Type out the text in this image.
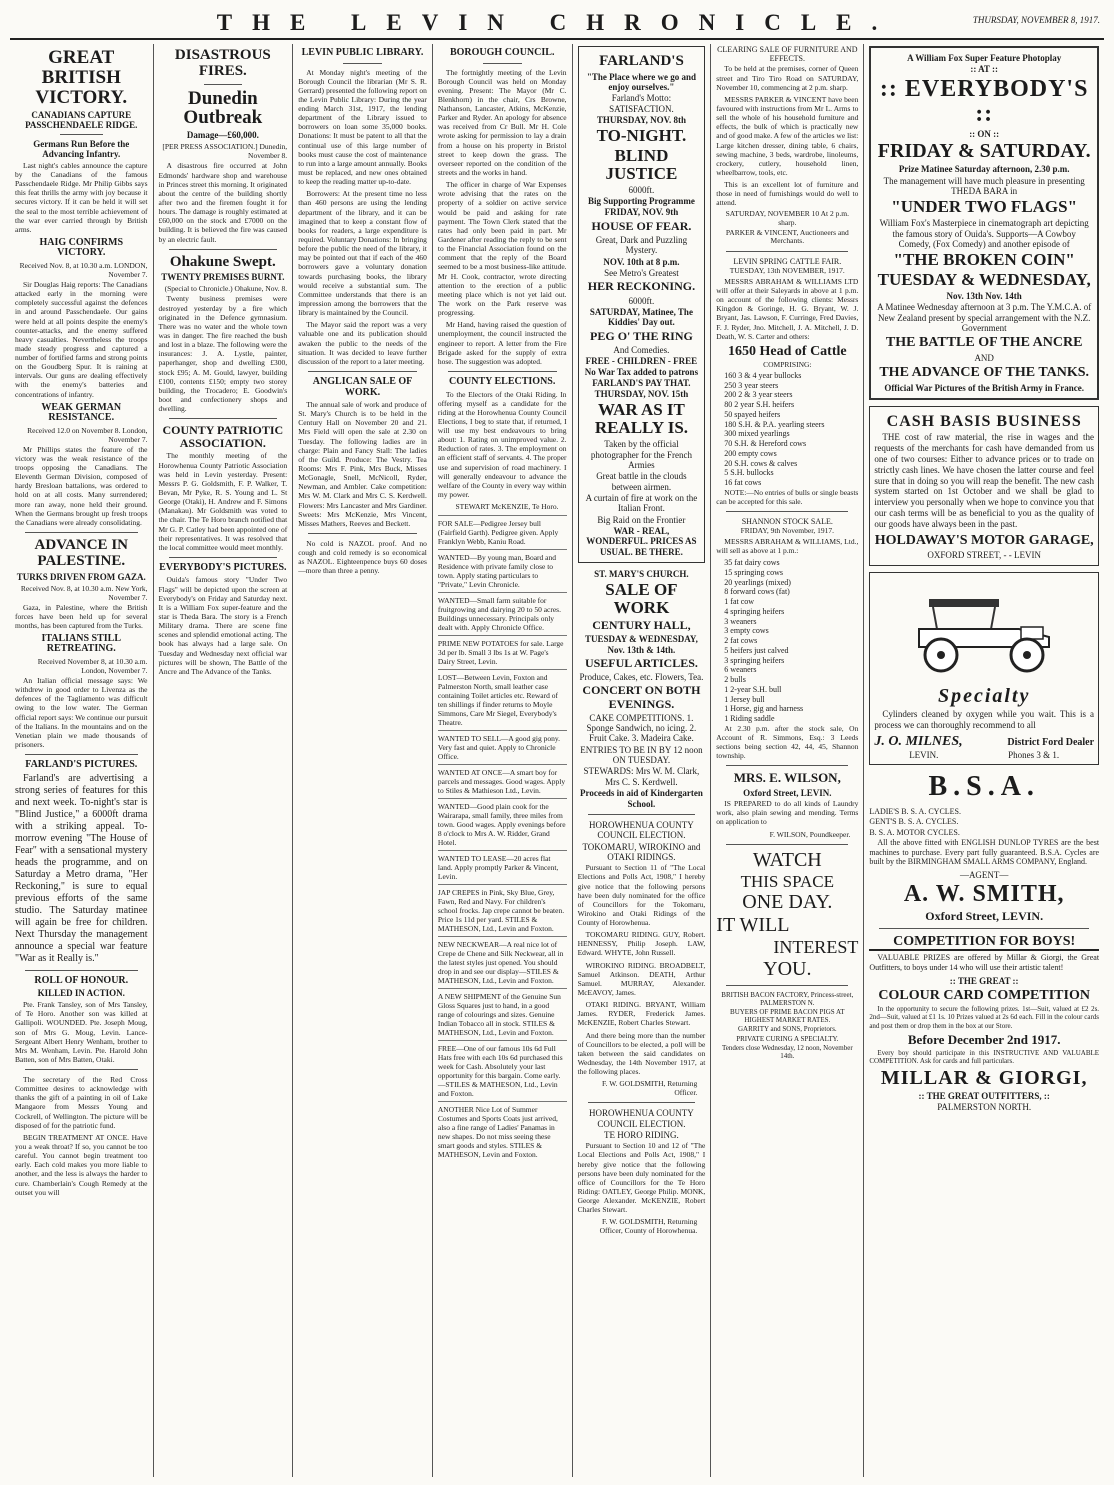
THE LEVIN CHRONICLE.	THURSDAY, NOVEMBER 8, 1917.
GREAT BRITISH VICTORY.
CANADIANS CAPTURE PASSCHENDAELE RIDGE.
Germans Run Before the Advancing Infantry.

Last night's cables announce the capture by the Canadians of the famous Passchendaele Ridge. Mr Philip Gibbs says this feat thrills the army with joy because it secures victory. If it can be held it will set the seal to the most terrible achievement of the war ever carried through by British arms.

HAIG CONFIRMS VICTORY.
Received Nov. 8, at 10.30 a.m. LONDON, November 7.

Sir Douglas Haig reports: The Canadians attacked early in the morning were completely successful against the defences in and around Passchendaele. Our gains were held at all points despite the enemy's counter-attacks, and the enemy suffered heavy casualties. Nevertheless the troops made steady progress and captured a number of fortified farms and strong points on the Goudberg Spur. It is raining at intervals. Our guns are dealing effectively with the enemy's batteries and concentrations of infantry.

WEAK GERMAN RESISTANCE.
Received 12.0 on November 8. London, November 7.

Mr Phillips states the feature of the victory was the weak resistance of the troops opposing the Canadians. The Eleventh German Division, composed of hardy Bresloan battalions, was ordered to hold on at all costs. Many surrendered; more ran away, none held their ground. When the Germans brought up fresh troops the Canadians were already consolidating.

ADVANCE IN PALESTINE.
TURKS DRIVEN FROM GAZA.
Received Nov. 8, at 10.30 a.m. New York, November 7.

Gaza, in Palestine, where the British forces have been held up for several months, has been captured from the Turks.

ITALIANS STILL RETREATING.
Received November 8, at 10.30 a.m. London, November 7.

An Italian official message says: We withdrew in good order to Livenza as the defences of the Tagliamento was difficult owing to the low water. The German official report says: We continue our pursuit of the Italians. In the mountains and on the Venetian plain we made thousands of prisoners.

FARLAND'S PICTURES.

Farland's are advertising a strong series of features for this and next week. To-night's star is "Blind Justice," a 6000ft drama with a striking appeal. To-morrow evening "The House of Fear" with a sensational mystery heads the programme, and on Saturday a Metro drama, "Her Reckoning," is sure to equal previous efforts of the same studio. The Saturday matinee will again be free for children. Next Thursday the management announce a special war feature "War as it Really is."

ROLL OF HONOUR.
KILLED IN ACTION.

Pte. Frank Tansley, son of Mrs Tansley, of Te Horo. Another son was killed at Gallipoli. WOUNDED. Pte. Joseph Moug, son of Mrs G. Moug, Levin. Lance-Sergeant Albert Henry Wenham, brother to Mrs M. Wenham, Levin. Pte. Harold John Batten, son of Mrs Batten, Otaki.

The secretary of the Red Cross Committee desires to acknowledge with thanks the gift of a painting in oil of Lake Mangaore from Messrs Young and Cockrell, of Wellington. The picture will be disposed of for the patriotic fund.

BEGIN TREATMENT AT ONCE. Have you a weak throat? If so, you cannot be too careful. You cannot begin treatment too early. Each cold makes you more liable to another, and the less is always the harder to cure. Chamberlain's Cough Remedy at the outset you will

DISASTROUS FIRES.
Dunedin Outbreak
Damage—£60,000.
[PER PRESS ASSOCIATION.] Dunedin, November 8.

A disastrous fire occurred at John Edmonds' hardware shop and warehouse in Princes street this morning. It originated about the centre of the building shortly after two and the firemen fought it for hours. The damage is roughly estimated at £60,000 on the stock and £7000 on the building. It is believed the fire was caused by an electric fault.

Ohakune Swept.
TWENTY PREMISES BURNT.
(Special to Chronicle.) Ohakune, Nov. 8.

Twenty business premises were destroyed yesterday by a fire which originated in the Defence gymnasium. There was no water and the whole town was in danger. The fire reached the bush and lost in a blaze. The following were the insurances: J. A. Lystle, painter, paperhanger, shop and dwelling £300, stock £95; A. M. Gould, lawyer, building £100, contents £150; empty two storey building, the Trocadero; E. Goodwin's boot and confectionery shops and dwelling.

COUNTY PATRIOTIC ASSOCIATION.

The monthly meeting of the Horowhenua County Patriotic Association was held in Levin yesterday. Present: Messrs P. G. Goldsmith, F. P. Walker, T. Bevan, Mr Pyke, R. S. Young and L. St George (Otaki), H. Andrew and F. Simons (Manakau). Mr Goldsmith was voted to the chair. The Te Horo branch notified that Mr G. P. Catley had been appointed one of their representatives. It was resolved that the local committee would meet monthly.

EVERYBODY'S PICTURES.

Ouida's famous story "Under Two Flags" will be depicted upon the screen at Everybody's on Friday and Saturday next. It is a William Fox super-feature and the star is Theda Bara. The story is a French Military drama. There are scene fine scenes and splendid emotional acting. The book has always had a large sale. On Tuesday and Wednesday next official war pictures will be shown, The Battle of the Ancre and The Advance of the Tanks.

LEVIN PUBLIC LIBRARY.

At Monday night's meeting of the Borough Council the librarian (Mr S. R. Gerrard) presented the following report on the Levin Public Library: During the year ending March 31st, 1917, the lending department of the Library issued to borrowers on loan some 35,000 books. Donations: It must be patent to all that the continual use of this large number of books must cause the cost of maintenance to run into a large amount annually. Books must be replaced, and new ones obtained to keep the reading matter up-to-date.

Borrowers: At the present time no less than 460 persons are using the lending department of the library, and it can be imagined that to keep a constant flow of books for readers, a large expenditure is required. Voluntary Donations: In bringing before the public the need of the library, it may be pointed out that if each of the 460 borrowers gave a voluntary donation towards purchasing books, the library would receive a substantial sum. The Committee understands that there is an impression among the borrowers that the library is maintained by the Council.

The Mayor said the report was a very valuable one and its publication should awaken the public to the needs of the situation. It was decided to leave further discussion of the report to a later meeting.

ANGLICAN SALE OF WORK.

The annual sale of work and produce of St. Mary's Church is to be held in the Century Hall on November 20 and 21. Mrs Field will open the sale at 2.30 on Tuesday. The following ladies are in charge: Plain and Fancy Stall: The ladies of the Guild. Produce: The Vestry. Tea Rooms: Mrs F. Pink, Mrs Buck, Misses McGonagle, Snell, McNicoll, Ryder, Newman, and Ambler. Cake competition: Mrs W. M. Clark and Mrs C. S. Kerdwell. Flowers: Mrs Lancaster and Mrs Gardiner. Sweets: Mrs McKenzie, Mrs Vincent, Misses Mathers, Reeves and Beckett.

No cold is NAZOL proof. And no cough and cold remedy is so economical as NAZOL. Eighteenpence buys 60 doses—more than three a penny.

BOROUGH COUNCIL.

The fortnightly meeting of the Levin Borough Council was held on Monday evening. Present: The Mayor (Mr C. Blenkhorn) in the chair, Crs Browne, Nathanson, Lancaster, Atkins, McKenzie, Parker and Ryder. An apology for absence was received from Cr Bull. Mr H. Cole wrote asking for permission to lay a drain from a house on his property in Bristol street to keep down the grass. The overseer reported on the condition of the streets and the works in hand.

The officer in charge of War Expenses wrote advising that the rates on the property of a soldier on active service would be paid and asking for rate payment. The Town Clerk stated that the rates had only been paid in part. Mr Gardener after reading the reply to be sent to the Financial Association found on the comment that the reply of the Board seemed to be a most business-like attitude. Mr H. Cook, contractor, wrote directing attention to the erection of a public meeting place which is not yet laid out. The work on the Park reserve was progressing.

Mr Hand, having raised the question of unemployment, the council instructed the engineer to report. A letter from the Fire Brigade asked for the supply of extra hose. The suggestion was adopted.

COUNTY ELECTIONS.

To the Electors of the Otaki Riding. In offering myself as a candidate for the riding at the Horowhenua County Council Elections, I beg to state that, if returned, I will use my best endeavours to bring about: 1. Rating on unimproved value. 2. Reduction of rates. 3. The employment on an efficient staff of servants. 4. The proper use and supervision of road machinery. I will generally endeavour to advance the welfare of the County in every way within my power.

STEWART McKENZIE, Te Horo.
FOR SALE—Pedigree Jersey bull (Fairfield Garth). Pedigree given. Apply Franklyn Webb, Kaniu Road.
WANTED—By young man, Board and Residence with private family close to town. Apply stating particulars to "Private," Levin Chronicle.
WANTED—Small farm suitable for fruitgrowing and dairying 20 to 50 acres. Buildings unnecessary. Principals only dealt with. Apply Chronicle Office.
PRIME NEW POTATOES for sale. Large 3d per lb. Small 3 lbs 1s at W. Page's Dairy Street, Levin.
LOST—Between Levin, Foxton and Palmerston North, small leather case containing Toilet articles etc. Reward of ten shillings if finder returns to Moyle Simmons, Care Mr Siegel, Everybody's Theatre.
WANTED TO SELL—A good gig pony. Very fast and quiet. Apply to Chronicle Office.
WANTED AT ONCE—A smart boy for parcels and messages. Good wages. Apply to Stiles & Mathieson Ltd., Levin.
WANTED—Good plain cook for the Wairarapa, small family, three miles from town. Good wages. Apply evenings before 8 o'clock to Mrs A. W. Ridder, Grand Hotel.
WANTED TO LEASE—20 acres flat land. Apply promptly Parker & Vincent, Levin.
JAP CREPES in Pink, Sky Blue, Grey, Fawn, Red and Navy. For children's school frocks. Jap crepe cannot be beaten. Price 1s 11d per yard. STILES & MATHESON, Ltd., Levin and Foxton.
NEW NECKWEAR—A real nice lot of Crepe de Chene and Silk Neckwear, all in the latest styles just opened. You should drop in and see our display—STILES & MATHESON, Ltd., Levin and Foxton.
A NEW SHIPMENT of the Genuine Sun Gloss Squares just to hand, in a good range of colourings and sizes. Genuine Indian Tobacco all in stock. STILES & MATHESON, Ltd., Levin and Foxton.
FREE—One of our famous 10s 6d Full Hats free with each 10s 6d purchased this week for Cash. Absolutely your last opportunity for this bargain. Come early.—STILES & MATHESON, Ltd., Levin and Foxton.
ANOTHER Nice Lot of Summer Costumes and Sports Coats just arrived, also a fine range of Ladies' Panamas in new shapes. Do not miss seeing these smart goods and styles. STILES & MATHESON, Levin and Foxton.
FARLAND'S
"The Place where we go and enjoy ourselves."
Farland's Motto: SATISFACTION.
THURSDAY, NOV. 8th
TO-NIGHT.
BLIND JUSTICE
6000ft.
Big Supporting Programme
FRIDAY, NOV. 9th
HOUSE OF FEAR.
Great, Dark and Puzzling Mystery.
NOV. 10th at 8 p.m.
See Metro's Greatest
HER RECKONING.
6000ft.
SATURDAY, Matinee, The Kiddies' Day out.
PEG O' THE RING
And Comedies.
FREE - CHILDREN - FREE
No War Tax added to patrons FARLAND'S PAY THAT.
THURSDAY, NOV. 15th
WAR AS IT REALLY IS.
Taken by the official photographer for the French Armies
Great battle in the clouds between airmen.
A curtain of fire at work on the Italian Front.
Big Raid on the Frontier
WAR - REAL, WONDERFUL. PRICES AS USUAL. BE THERE.
ST. MARY'S CHURCH.
SALE OF WORK
CENTURY HALL,
TUESDAY & WEDNESDAY, Nov. 13th & 14th.
USEFUL ARTICLES.
Produce, Cakes, etc. Flowers, Tea.
CONCERT ON BOTH EVENINGS.
CAKE COMPETITIONS. 1. Sponge Sandwich, no icing. 2. Fruit Cake. 3. Madeira Cake.
ENTRIES TO BE IN BY 12 noon ON TUESDAY.
STEWARDS: Mrs W. M. Clark, Mrs C. S. Kerdwell.
Proceeds in aid of Kindergarten School.
HOROWHENUA COUNTY COUNCIL ELECTION.
TOKOMARU, WIROKINO and OTAKI RIDINGS.

Pursuant to Section 11 of "The Local Elections and Polls Act, 1908," I hereby give notice that the following persons have been duly nominated for the office of Councillors for the Tokomaru, Wirokino and Otaki Ridings of the County of Horowhenua.

TOKOMARU RIDING. GUY, Robert. HENNESSY, Philip Joseph. LAW, Edward. WHYTE, John Russell.

WIROKINO RIDING. BROADBELT, Samuel Atkinson. DEATH, Arthur Samuel. MURRAY, Alexander. McEAVOY, James.

OTAKI RIDING. BRYANT, William James. RYDER, Frederick James. McKENZIE, Robert Charles Stewart.

And there being more than the number of Councillors to be elected, a poll will be taken between the said candidates on Wednesday, the 14th November 1917, at the following places.

F. W. GOLDSMITH, Returning Officer.
HOROWHENUA COUNTY COUNCIL ELECTION.
TE HORO RIDING.

Pursuant to Section 10 and 12 of "The Local Elections and Polls Act, 1908," I hereby give notice that the following persons have been duly nominated for the office of Councillors for the Te Horo Riding: OATLEY, George Philip. MONK, George Alexander. McKENZIE, Robert Charles Stewart.

F. W. GOLDSMITH, Returning Officer, County of Horowhenua.
CLEARING SALE OF FURNITURE AND EFFECTS.

To be held at the premises, corner of Queen street and Tiro Tiro Road on SATURDAY, November 10, commencing at 2 p.m. sharp.

MESSRS PARKER & VINCENT have been favoured with instructions from Mr L. Arms to sell the whole of his household furniture and effects, the bulk of which is practically new and of good make. A few of the articles we list: Large kitchen dresser, dining table, 6 chairs, sewing machine, 3 beds, wardrobe, linoleums, crockery, cutlery, household linen, wheelbarrow, tools, etc.

This is an excellent lot of furniture and those in need of furnishings would do well to attend.

SATURDAY, NOVEMBER 10 At 2 p.m. sharp.
PARKER & VINCENT, Auctioneers and Merchants.
LEVIN SPRING CATTLE FAIR.
TUESDAY, 13th NOVEMBER, 1917.

MESSRS ABRAHAM & WILLIAMS LTD will offer at their Saleyards in above at 1 p.m. on account of the following clients: Messrs Kingdon & Goringe, H. G. Bryant, W. J. Bryant, Jas. Lawson, F. Curringe, Fred Davies, F. J. Ryder, Jno. Mitchell, J. A. Mitchell, J. D. Death, W. S. Carter and others:

1650 Head of Cattle
COMPRISING:
160 3 & 4 year bullocks
250 3 year steers
200 2 & 3 year steers
80 2 year S.H. heifers
50 spayed heifers
180 S.H. & P.A. yearling steers
300 mixed yearlings
70 S.H. & Hereford cows
200 empty cows
20 S.H. cows & calves
5 S.H. bullocks
16 fat cows

NOTE:—No entries of bulls or single beasts can be accepted for this sale.

SHANNON STOCK SALE.
FRIDAY, 9th November, 1917.

MESSRS ABRAHAM & WILLIAMS, Ltd., will sell as above at 1 p.m.:

35 fat dairy cows
15 springing cows
20 yearlings (mixed)
8 forward cows (fat)
1 fat cow
4 springing heifers
3 weaners
3 empty cows
2 fat cows
5 heifers just calved
3 springing heifers
6 weaners
2 bulls
1 2-year S.H. bull
1 Jersey bull
1 Horse, gig and harness
1 Riding saddle

At 2.30 p.m. after the stock sale, On Account of R. Simmons, Esq.: 3 Leeds sections being section 42, 44, 45, Shannon township.

MRS. E. WILSON,
Oxford Street, LEVIN.

IS PREPARED to do all kinds of Laundry work, also plain sewing and mending. Terms on application to

F. WILSON, Poundkeeper.
WATCH
THIS SPACE
ONE DAY.
IT WILL
INTEREST
YOU.
BRITISH BACON FACTORY, Princess-street, PALMERSTON N.
BUYERS OF PRIME BACON PIGS AT HIGHEST MARKET RATES.
GARRITY and SONS, Proprietors.
PRIVATE CURING A SPECIALTY.
Tenders close Wednesday, 12 noon, November 14th.
A William Fox Super Feature Photoplay
:: AT ::
:: EVERYBODY'S ::
:: ON ::
FRIDAY & SATURDAY.
Prize Matinee Saturday afternoon, 2.30 p.m.
The management will have much pleasure in presenting THEDA BARA in
"UNDER TWO FLAGS"
William Fox's Masterpiece in cinematograph art depicting the famous story of Ouida's. Supports—A Cowboy Comedy, (Fox Comedy) and another episode of
"THE BROKEN COIN"
TUESDAY & WEDNESDAY,
Nov. 13th Nov. 14th
A Matinee Wednesday afternoon at 3 p.m. The Y.M.C.A. of New Zealand present by special arrangement with the N.Z. Government
THE BATTLE OF THE ANCRE
AND
THE ADVANCE OF THE TANKS.
Official War Pictures of the British Army in France.
CASH BASIS BUSINESS

THE cost of raw material, the rise in wages and the requests of the merchants for cash have demanded from us one of two courses: Either to advance prices or to trade on strictly cash lines. We have chosen the latter course and feel sure that in doing so you will reap the benefit. The new cash system started on 1st October and we shall be glad to interview you personally when we hope to convince you that our cash terms will be as beneficial to you as the quality of our goods have always been in the past.

HOLDAWAY'S MOTOR GARAGE,
OXFORD STREET, - - LEVIN
Specialty

Cylinders cleaned by oxygen while you wait. This is a process we can thoroughly recommend to all

J. O. MILNES,	District Ford Dealer
LEVIN.	Phones 3 & 1.
B.S.A.
LADIE'S B. S. A. CYCLES.
GENT'S B. S. A. CYCLES.
B. S. A. MOTOR CYCLES.

All the above fitted with ENGLISH DUNLOP TYRES are the best machines to purchase. Every part fully guaranteed. B.S.A. Cycles are built by the BIRMINGHAM SMALL ARMS COMPANY, England.

—AGENT—
A. W. SMITH,
Oxford Street, LEVIN.
COMPETITION FOR BOYS!

VALUABLE PRIZES are offered by Millar & Giorgi, the Great Outfitters, to boys under 14 who will use their artistic talent!

:: THE GREAT ::
COLOUR CARD COMPETITION

In the opportunity to secure the following prizes. 1st—Suit, valued at £2 2s. 2nd—Suit, valued at £1 1s. 10 Prizes valued at 2s 6d each. Fill in the colour cards and post them or drop them in the box at our Store.

Before December 2nd 1917.

Every boy should participate in this INSTRUCTIVE AND VALUABLE COMPETITION. Ask for cards and full particulars.

MILLAR & GIORGI,
:: THE GREAT OUTFITTERS, ::
PALMERSTON NORTH.
